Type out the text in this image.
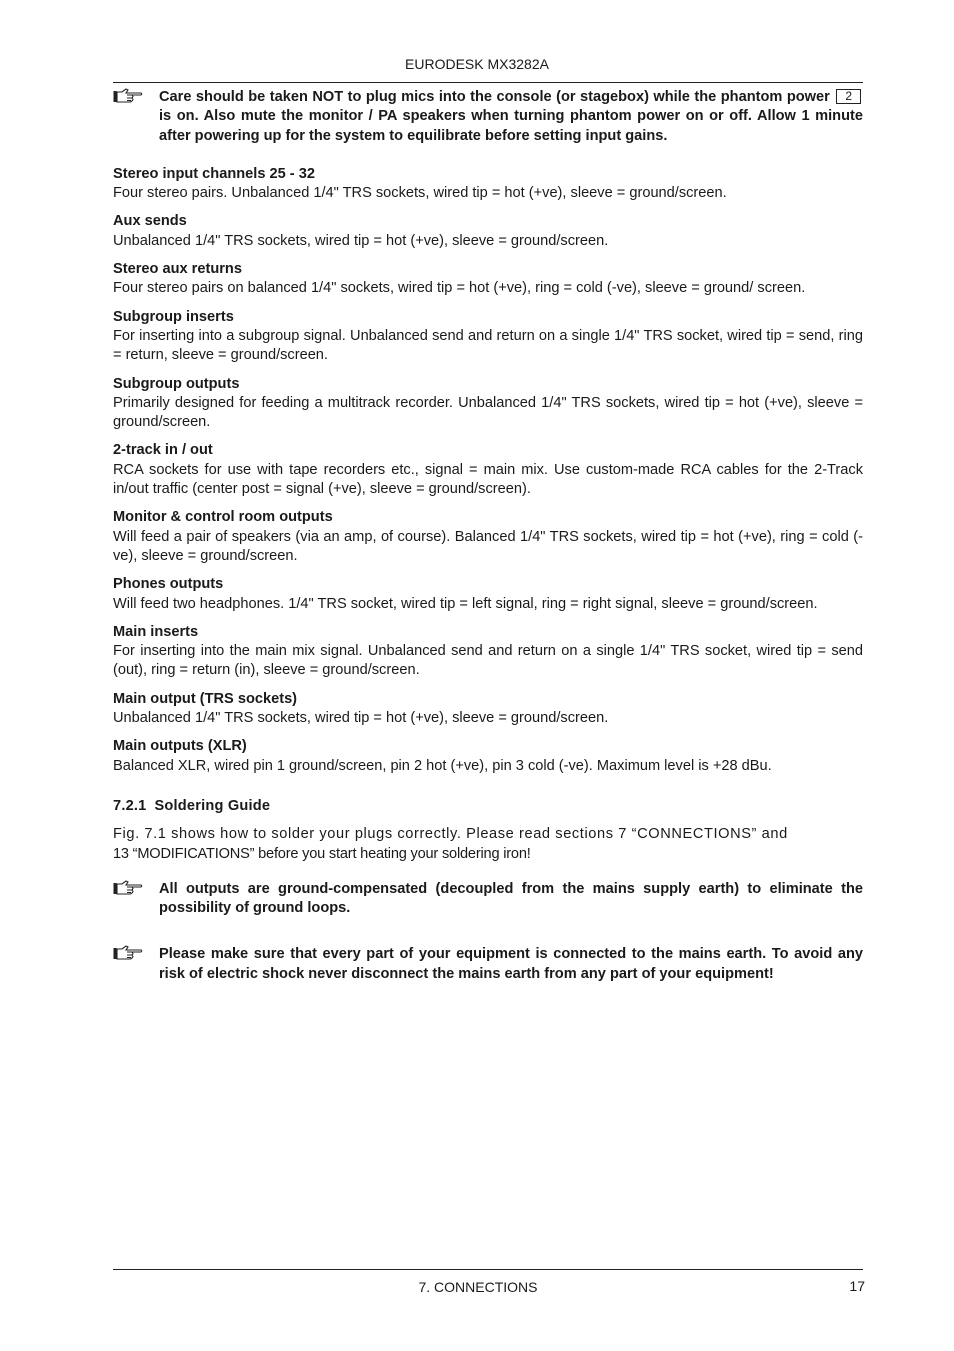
EURODESK MX3282A
Care should be taken NOT to plug mics into the console (or stagebox) while the phantom power 2 is on. Also mute the monitor / PA speakers when turning phantom power on or off. Allow 1 minute after powering up for the system to equilibrate before setting input gains.
Stereo input channels 25 - 32
Four stereo pairs. Unbalanced 1/4" TRS sockets, wired tip = hot (+ve), sleeve = ground/screen.
Aux sends
Unbalanced 1/4" TRS sockets, wired tip = hot (+ve), sleeve = ground/screen.
Stereo aux returns
Four stereo pairs on balanced 1/4" sockets, wired tip = hot (+ve), ring = cold (-ve), sleeve = ground/ screen.
Subgroup inserts
For inserting into a subgroup signal. Unbalanced send and return on a single 1/4" TRS socket, wired tip = send, ring = return, sleeve = ground/screen.
Subgroup outputs
Primarily designed for feeding a multitrack recorder. Unbalanced 1/4" TRS sockets, wired tip = hot (+ve), sleeve = ground/screen.
2-track in / out
RCA sockets for use with tape recorders etc., signal = main mix. Use custom-made RCA cables for the 2-Track in/out traffic (center post = signal (+ve), sleeve = ground/screen).
Monitor & control room outputs
Will feed a pair of speakers (via an amp, of course). Balanced 1/4" TRS sockets, wired tip = hot (+ve), ring = cold (-ve), sleeve = ground/screen.
Phones outputs
Will feed two headphones. 1/4" TRS socket, wired tip = left signal, ring = right signal, sleeve = ground/screen.
Main inserts
For inserting into the main mix signal. Unbalanced send and return on a single 1/4" TRS socket, wired tip = send (out), ring = return (in), sleeve = ground/screen.
Main output (TRS sockets)
Unbalanced 1/4" TRS sockets, wired tip = hot (+ve), sleeve = ground/screen.
Main outputs (XLR)
Balanced XLR, wired pin 1 ground/screen, pin 2 hot (+ve), pin 3 cold (-ve). Maximum level is +28 dBu.
7.2.1 Soldering Guide
Fig. 7.1 shows how to solder your plugs correctly. Please read sections 7 “CONNECTIONS” and
13 “MODIFICATIONS” before you start heating your soldering iron!
All outputs are ground-compensated (decoupled from the mains supply earth) to eliminate the possibility of ground loops.
Please make sure that every part of your equipment is connected to the mains earth. To avoid any risk of electric shock never disconnect the mains earth from any part of your equipment!
7. CONNECTIONS	17
